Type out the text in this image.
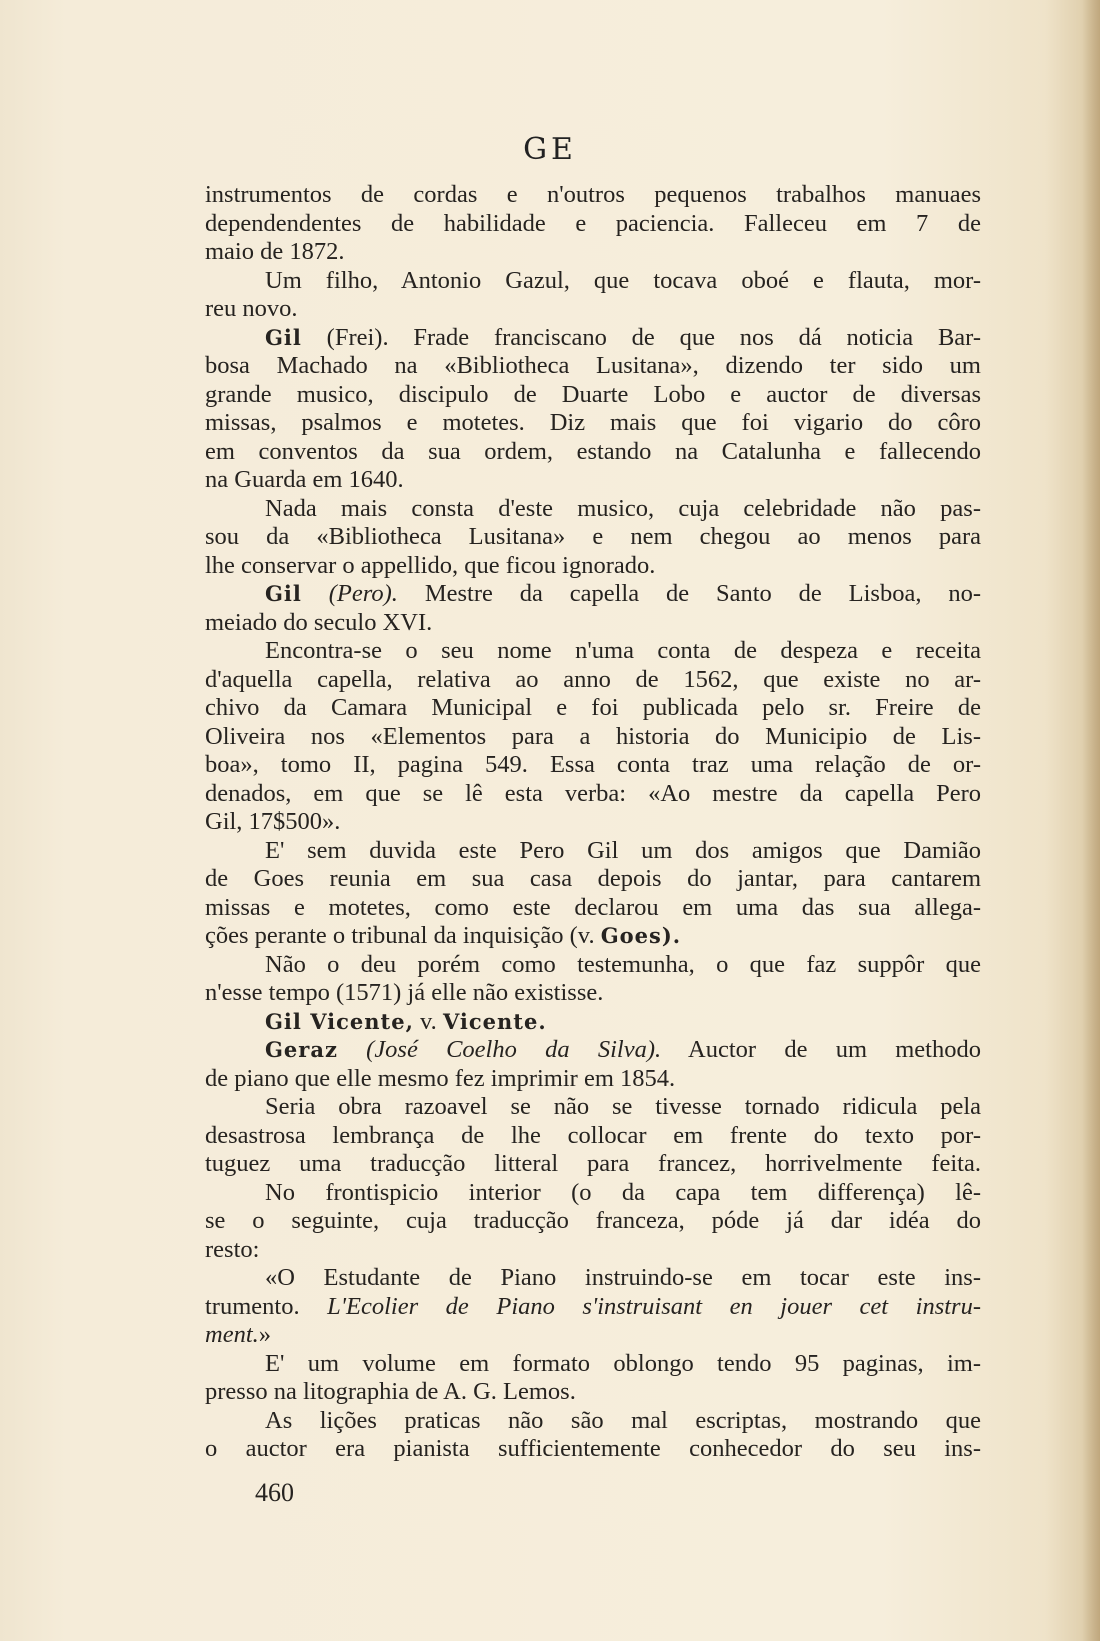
GE
instrumentos de cordas e n'outros pequenos trabalhos manuaes
dependendentes de habilidade e paciencia. Falleceu em 7 de
maio de 1872.
Um filho, Antonio Gazul, que tocava oboé e flauta, mor-
reu novo.
Gil (Frei). Frade franciscano de que nos dá noticia Bar-
bosa Machado na «Bibliotheca Lusitana», dizendo ter sido um
grande musico, discipulo de Duarte Lobo e auctor de diversas
missas, psalmos e motetes. Diz mais que foi vigario do côro
em conventos da sua ordem, estando na Catalunha e fallecendo
na Guarda em 1640.
Nada mais consta d'este musico, cuja celebridade não pas-
sou da «Bibliotheca Lusitana» e nem chegou ao menos para
lhe conservar o appellido, que ficou ignorado.
Gil (Pero). Mestre da capella de Santo de Lisboa, no-
meiado do seculo XVI.
Encontra-se o seu nome n'uma conta de despeza e receita
d'aquella capella, relativa ao anno de 1562, que existe no ar-
chivo da Camara Municipal e foi publicada pelo sr. Freire de
Oliveira nos «Elementos para a historia do Municipio de Lis-
boa», tomo II, pagina 549. Essa conta traz uma relação de or-
denados, em que se lê esta verba: «Ao mestre da capella Pero
Gil, 17$500».
E' sem duvida este Pero Gil um dos amigos que Damião
de Goes reunia em sua casa depois do jantar, para cantarem
missas e motetes, como este declarou em uma das sua allega-
ções perante o tribunal da inquisição (v. Goes).
Não o deu porém como testemunha, o que faz suppôr que
n'esse tempo (1571) já elle não existisse.
Gil Vicente, v. Vicente.
Geraz (José Coelho da Silva). Auctor de um methodo
de piano que elle mesmo fez imprimir em 1854.
Seria obra razoavel se não se tivesse tornado ridicula pela
desastrosa lembrança de lhe collocar em frente do texto por-
tuguez uma traducção litteral para francez, horrivelmente feita.
No frontispicio interior (o da capa tem differença) lê-
se o seguinte, cuja traducção franceza, póde já dar idéa do
resto:
«O Estudante de Piano instruindo-se em tocar este ins-
trumento. L'Ecolier de Piano s'instruisant en jouer cet instru-
ment.»
E' um volume em formato oblongo tendo 95 paginas, im-
presso na litographia de A. G. Lemos.
As lições praticas não são mal escriptas, mostrando que
o auctor era pianista sufficientemente conhecedor do seu ins-
460
